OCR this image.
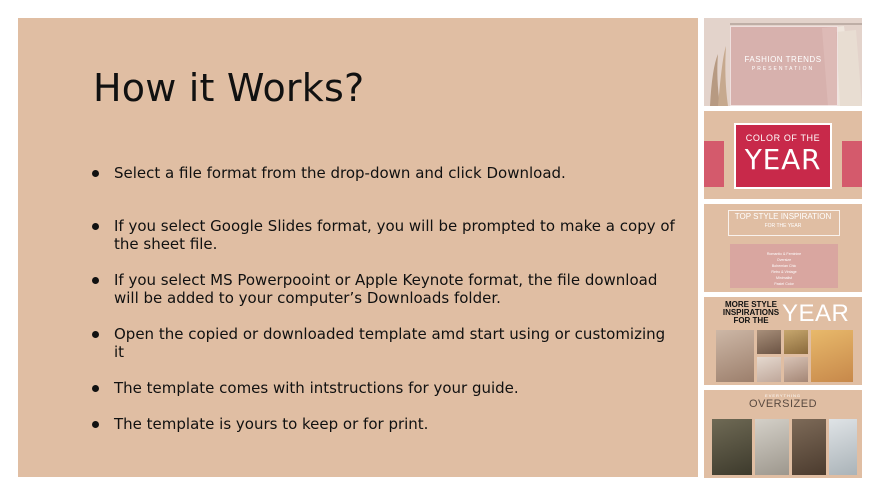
How it Works?
Select a file format from the drop-down and click Download.
If you select Google Slides format, you will be prompted to make a copy of the sheet file.
If you select MS Powerpooint or Apple Keynote format, the file download will be added to your computer’s Downloads folder.
Open the copied or downloaded template amd start using or customizing it
The template comes with intstructions for your guide.
The template is yours to keep or for print.
FASHION TRENDS
PRESENTATION
COLOR OF THE
YEAR
TOP STYLE INSPIRATION
FOR THE YEAR
Romantic & Feminine
Oversize
Bohemian Chic
Retro & Vintage
Minimalist
Pastel Color
MORE STYLE INSPIRATIONS FOR THE YEAR
EVERYTHING
OVERSIZED
